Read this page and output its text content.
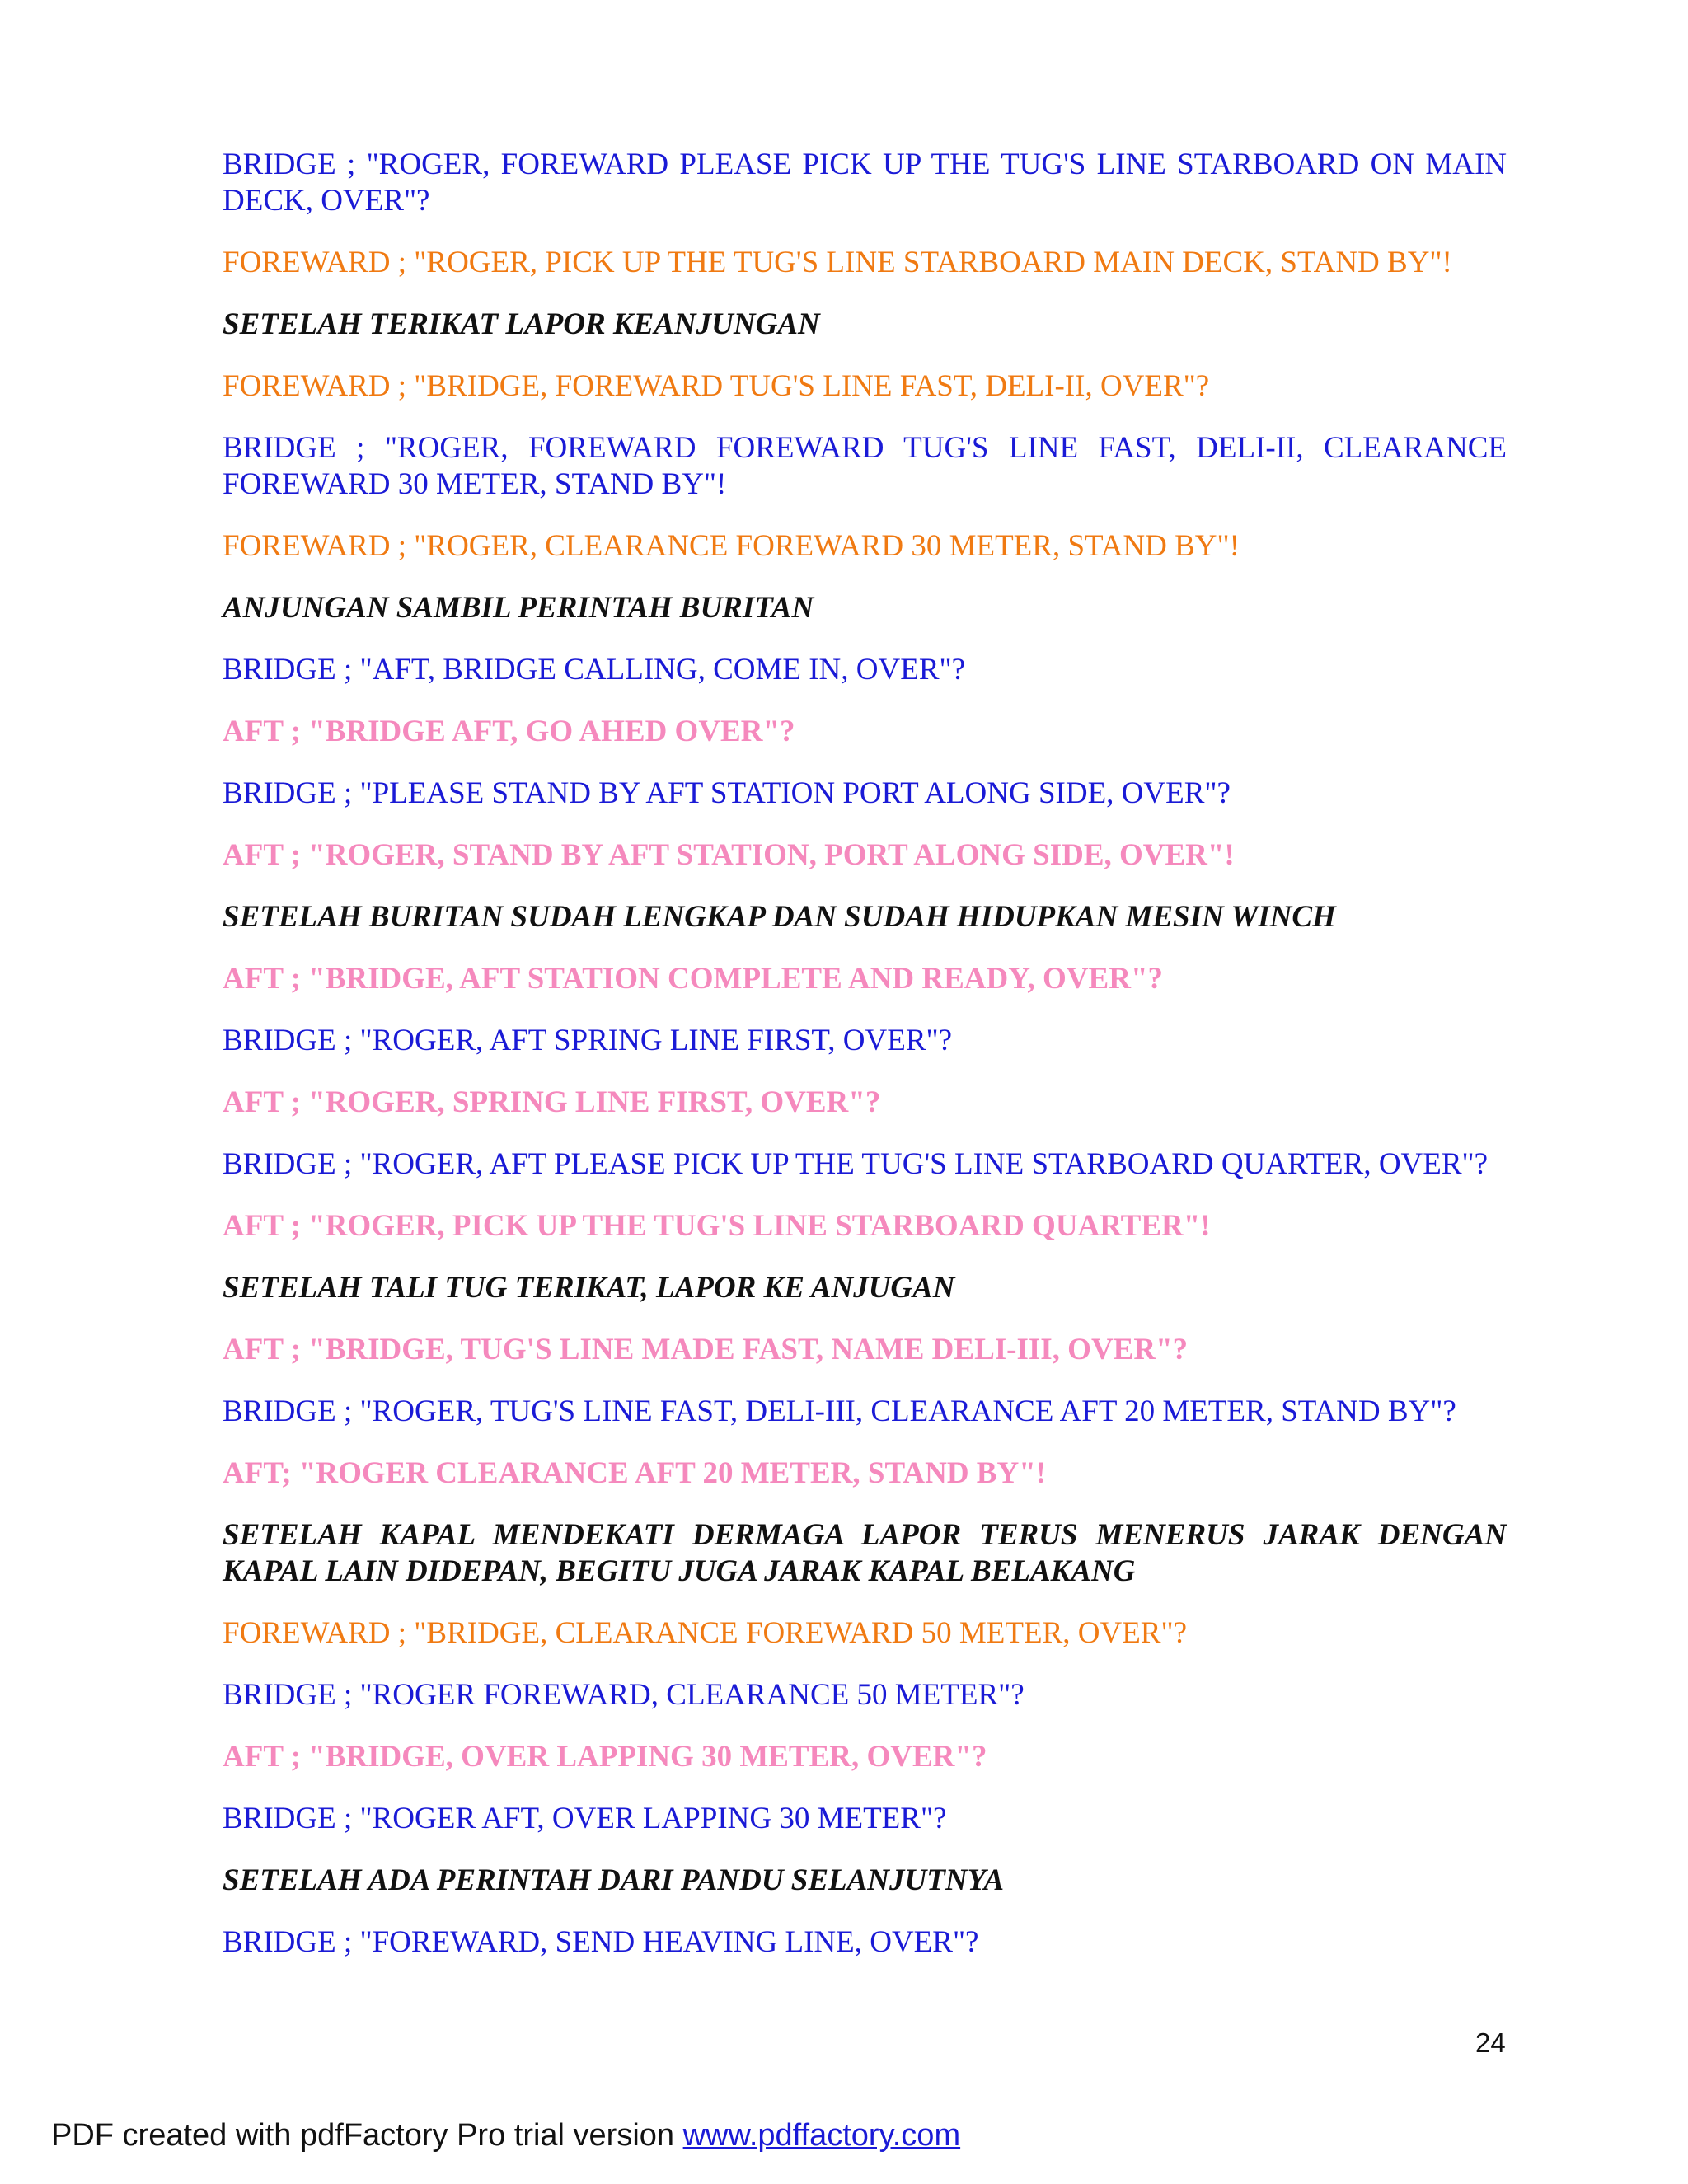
BRIDGE ; "ROGER, FOREWARD PLEASE PICK UP THE TUG'S LINE STARBOARD ON MAIN DECK, OVER"?

FOREWARD ; "ROGER, PICK UP THE TUG'S LINE STARBOARD MAIN DECK, STAND BY"!

SETELAH TERIKAT LAPOR KEANJUNGAN

FOREWARD ; "BRIDGE, FOREWARD TUG'S LINE FAST, DELI-II, OVER"?

BRIDGE ; "ROGER, FOREWARD FOREWARD TUG'S LINE FAST, DELI-II, CLEARANCE FOREWARD 30 METER, STAND BY"!

FOREWARD ; "ROGER, CLEARANCE FOREWARD 30 METER, STAND BY"!

ANJUNGAN SAMBIL PERINTAH BURITAN

BRIDGE ; "AFT, BRIDGE CALLING, COME IN, OVER"?

AFT ; "BRIDGE AFT, GO AHED OVER"?

BRIDGE ; "PLEASE STAND BY AFT STATION PORT ALONG SIDE, OVER"?

AFT ; "ROGER, STAND BY AFT STATION, PORT ALONG SIDE, OVER"!

SETELAH BURITAN SUDAH LENGKAP DAN SUDAH HIDUPKAN MESIN WINCH

AFT ; "BRIDGE, AFT STATION COMPLETE AND READY, OVER"?

BRIDGE ; "ROGER, AFT SPRING LINE FIRST, OVER"?

AFT ; "ROGER, SPRING LINE FIRST, OVER"?

BRIDGE ; "ROGER, AFT PLEASE PICK UP THE TUG'S LINE STARBOARD QUARTER, OVER"?

AFT ; "ROGER, PICK UP THE TUG'S LINE STARBOARD QUARTER"!

SETELAH TALI TUG TERIKAT, LAPOR KE ANJUGAN

AFT ; "BRIDGE, TUG'S LINE MADE FAST, NAME DELI-III, OVER"?

BRIDGE ; "ROGER, TUG'S LINE FAST, DELI-III, CLEARANCE AFT 20 METER, STAND BY"?

AFT; "ROGER CLEARANCE AFT 20 METER, STAND BY"!

SETELAH KAPAL MENDEKATI DERMAGA LAPOR TERUS MENERUS JARAK DENGAN KAPAL LAIN DIDEPAN, BEGITU JUGA JARAK KAPAL BELAKANG

FOREWARD ; "BRIDGE, CLEARANCE FOREWARD 50 METER, OVER"?

BRIDGE ; "ROGER FOREWARD, CLEARANCE 50 METER"?

AFT ; "BRIDGE, OVER LAPPING 30 METER, OVER"?

BRIDGE ; "ROGER AFT, OVER LAPPING 30 METER"?

SETELAH ADA PERINTAH DARI PANDU SELANJUTNYA

BRIDGE ; "FOREWARD, SEND HEAVING LINE, OVER"?

24
PDF created with pdfFactory Pro trial version www.pdffactory.com
